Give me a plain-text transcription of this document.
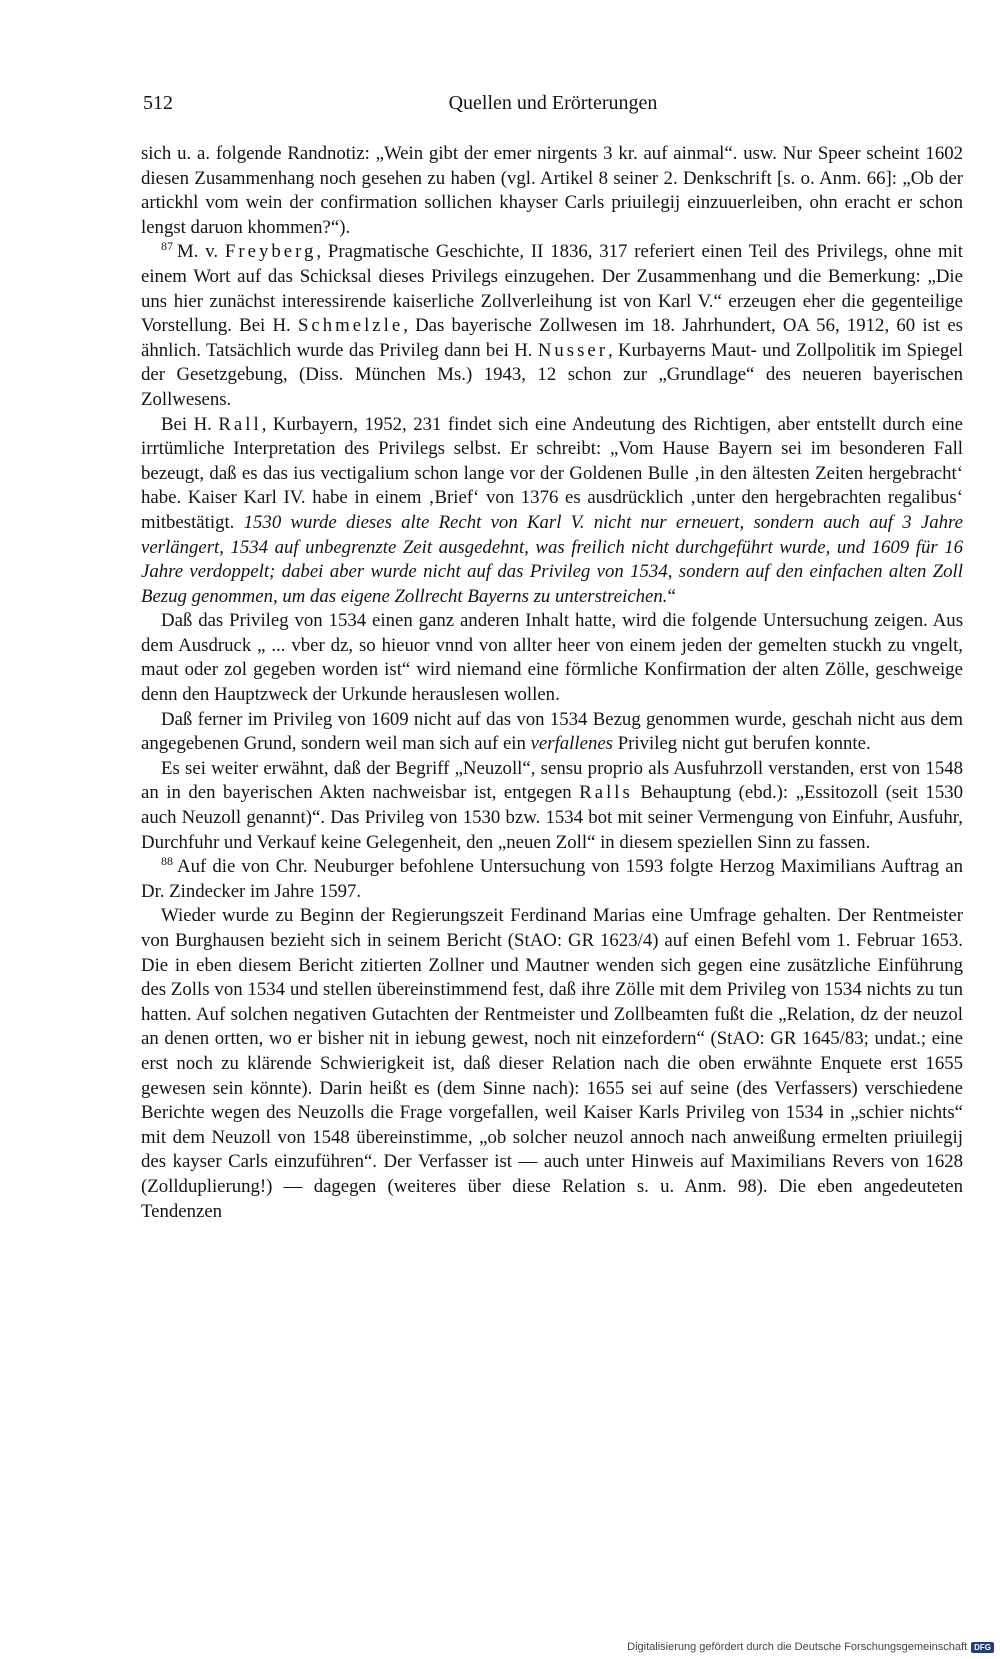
512	Quellen und Erörterungen

sich u. a. folgende Randnotiz: „Wein gibt der emer nirgents 3 kr. auf ainmal“. usw. Nur Speer scheint 1602 diesen Zusammenhang noch gesehen zu haben (vgl. Artikel 8 seiner 2. Denkschrift [s. o. Anm. 66]: „Ob der artickhl vom wein der confirmation sollichen khayser Carls priuilegij einzuuerleiben, ohn eracht er schon lengst daruon khommen?“).

$^{87}$ M. v. Freyberg, Pragmatische Geschichte, II 1836, 317 referiert einen Teil des Privilegs, ohne mit einem Wort auf das Schicksal dieses Privilegs einzugehen. Der Zusammenhang und die Bemerkung: „Die uns hier zunächst interessirende kaiserliche Zollverleihung ist von Karl V.“ erzeugen eher die gegenteilige Vorstellung. Bei H. Schmelzle, Das bayerische Zollwesen im 18. Jahrhundert, OA 56, 1912, 60 ist es ähnlich. Tatsächlich wurde das Privileg dann bei H. Nusser, Kurbayerns Maut- und Zollpolitik im Spiegel der Gesetzgebung, (Diss. München Ms.) 1943, 12 schon zur „Grundlage“ des neueren bayerischen Zollwesens.

Bei H. Rall, Kurbayern, 1952, 231 findet sich eine Andeutung des Richtigen, aber entstellt durch eine irrtümliche Interpretation des Privilegs selbst. Er schreibt: „Vom Hause Bayern sei im besonderen Fall bezeugt, daß es das ius vectigalium schon lange vor der Goldenen Bulle ‚in den ältesten Zeiten hergebracht‘ habe. Kaiser Karl IV. habe in einem ‚Brief‘ von 1376 es ausdrücklich ‚unter den hergebrachten regalibus‘ mitbestätigt. 1530 wurde dieses alte Recht von Karl V. nicht nur erneuert, sondern auch auf 3 Jahre verlängert, 1534 auf unbegrenzte Zeit ausgedehnt, was freilich nicht durchgeführt wurde, und 1609 für 16 Jahre verdoppelt; dabei aber wurde nicht auf das Privileg von 1534, sondern auf den einfachen alten Zoll Bezug genommen, um das eigene Zollrecht Bayerns zu unterstreichen.“

Daß das Privileg von 1534 einen ganz anderen Inhalt hatte, wird die folgende Untersuchung zeigen. Aus dem Ausdruck „ ... vber dz, so hieuor vnnd von allter heer von einem jeden der gemelten stuckh zu vngelt, maut oder zol gegeben worden ist“ wird niemand eine förmliche Konfirmation der alten Zölle, geschweige denn den Hauptzweck der Urkunde herauslesen wollen.

Daß ferner im Privileg von 1609 nicht auf das von 1534 Bezug genommen wurde, geschah nicht aus dem angegebenen Grund, sondern weil man sich auf ein verfallenes Privileg nicht gut berufen konnte.

Es sei weiter erwähnt, daß der Begriff „Neuzoll“, sensu proprio als Ausfuhrzoll verstanden, erst von 1548 an in den bayerischen Akten nachweisbar ist, entgegen Ralls Behauptung (ebd.): „Essitozoll (seit 1530 auch Neuzoll genannt)“. Das Privileg von 1530 bzw. 1534 bot mit seiner Vermengung von Einfuhr, Ausfuhr, Durchfuhr und Verkauf keine Gelegenheit, den „neuen Zoll“ in diesem speziellen Sinn zu fassen.

$^{88}$ Auf die von Chr. Neuburger befohlene Untersuchung von 1593 folgte Herzog Maximilians Auftrag an Dr. Zindecker im Jahre 1597.

Wieder wurde zu Beginn der Regierungszeit Ferdinand Marias eine Umfrage gehalten. Der Rentmeister von Burghausen bezieht sich in seinem Bericht (StAO: GR 1623/4) auf einen Befehl vom 1. Februar 1653. Die in eben diesem Bericht zitierten Zollner und Mautner wenden sich gegen eine zusätzliche Einführung des Zolls von 1534 und stellen übereinstimmend fest, daß ihre Zölle mit dem Privileg von 1534 nichts zu tun hatten. Auf solchen negativen Gutachten der Rentmeister und Zollbeamten fußt die „Relation, dz der neuzol an denen ortten, wo er bisher nit in iebung gewest, noch nit einzefordern“ (StAO: GR 1645/83; undat.; eine erst noch zu klärende Schwierigkeit ist, daß dieser Relation nach die oben erwähnte Enquete erst 1655 gewesen sein könnte). Darin heißt es (dem Sinne nach): 1655 sei auf seine (des Verfassers) verschiedene Berichte wegen des Neuzolls die Frage vorgefallen, weil Kaiser Karls Privileg von 1534 in „schier nichts“ mit dem Neuzoll von 1548 übereinstimme, „ob solcher neuzol annoch nach anweißung ermelten priuilegij des kayser Carls einzuführen“. Der Verfasser ist — auch unter Hinweis auf Maximilians Revers von 1628 (Zollduplierung!) — dagegen (weiteres über diese Relation s. u. Anm. 98). Die eben angedeuteten Tendenzen

Digitalisierung gefördert durch die Deutsche Forschungsgemeinschaft DFG
